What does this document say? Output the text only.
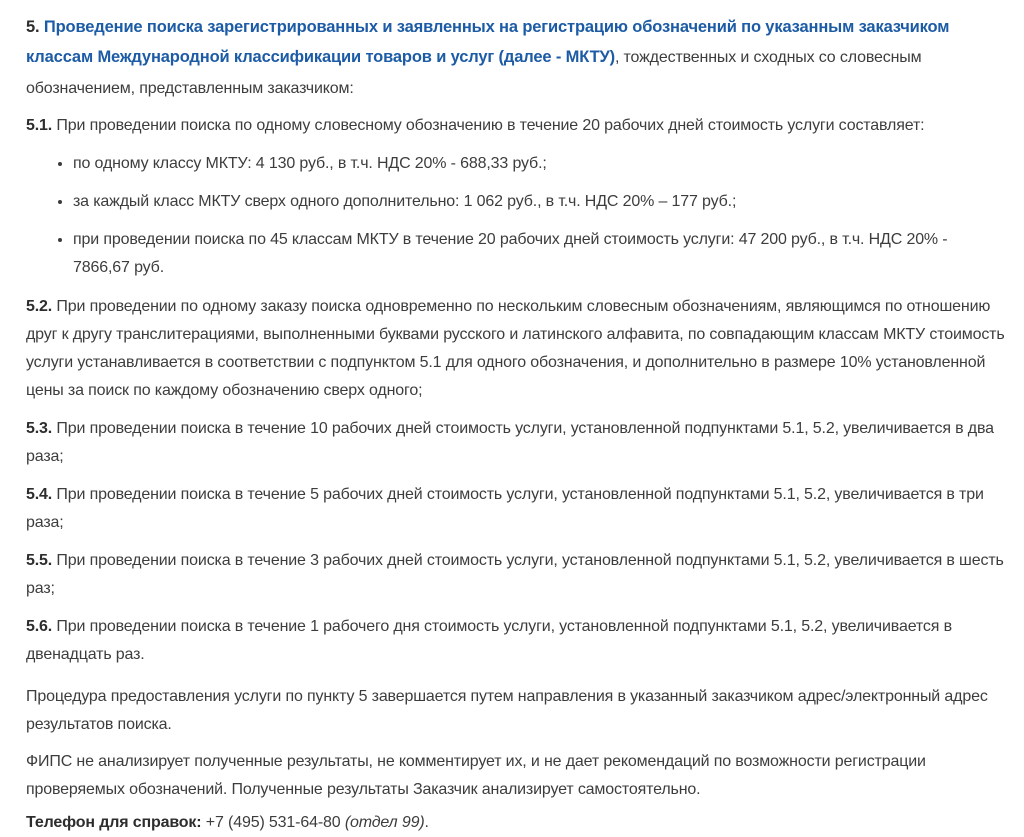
5. Проведение поиска зарегистрированных и заявленных на регистрацию обозначений по указанным заказчиком классам Международной классификации товаров и услуг (далее - МКТУ), тождественных и сходных со словесным обозначением, представленным заказчиком:

5.1. При проведении поиска по одному словесному обозначению в течение 20 рабочих дней стоимость услуги составляет:

• по одному классу МКТУ: 4 130 руб., в т.ч. НДС 20% - 688,33 руб.;
• за каждый класс МКТУ сверх одного дополнительно: 1 062 руб., в т.ч. НДС 20% – 177 руб.;
• при проведении поиска по 45 классам МКТУ в течение 20 рабочих дней стоимость услуги: 47 200 руб., в т.ч. НДС 20% - 7866,67 руб.

5.2. При проведении по одному заказу поиска одновременно по нескольким словесным обозначениям, являющимся по отношению друг к другу транслитерациями, выполненными буквами русского и латинского алфавита, по совпадающим классам МКТУ стоимость услуги устанавливается в соответствии с подпунктом 5.1 для одного обозначения, и дополнительно в размере 10% установленной цены за поиск по каждому обозначению сверх одного;

5.3. При проведении поиска в течение 10 рабочих дней стоимость услуги, установленной подпунктами 5.1, 5.2, увеличивается в два раза;

5.4. При проведении поиска в течение 5 рабочих дней стоимость услуги, установленной подпунктами 5.1, 5.2, увеличивается в три раза;

5.5. При проведении поиска в течение 3 рабочих дней стоимость услуги, установленной подпунктами 5.1, 5.2, увеличивается в шесть раз;

5.6. При проведении поиска в течение 1 рабочего дня стоимость услуги, установленной подпунктами 5.1, 5.2, увеличивается в двенадцать раз.

Процедура предоставления услуги по пункту 5 завершается путем направления в указанный заказчиком адрес/электронный адрес результатов поиска.

ФИПС не анализирует полученные результаты, не комментирует их, и не дает рекомендаций по возможности регистрации проверяемых обозначений. Полученные результаты Заказчик анализирует самостоятельно.

Телефон для справок: +7 (495) 531-64-80 (отдел 99).
